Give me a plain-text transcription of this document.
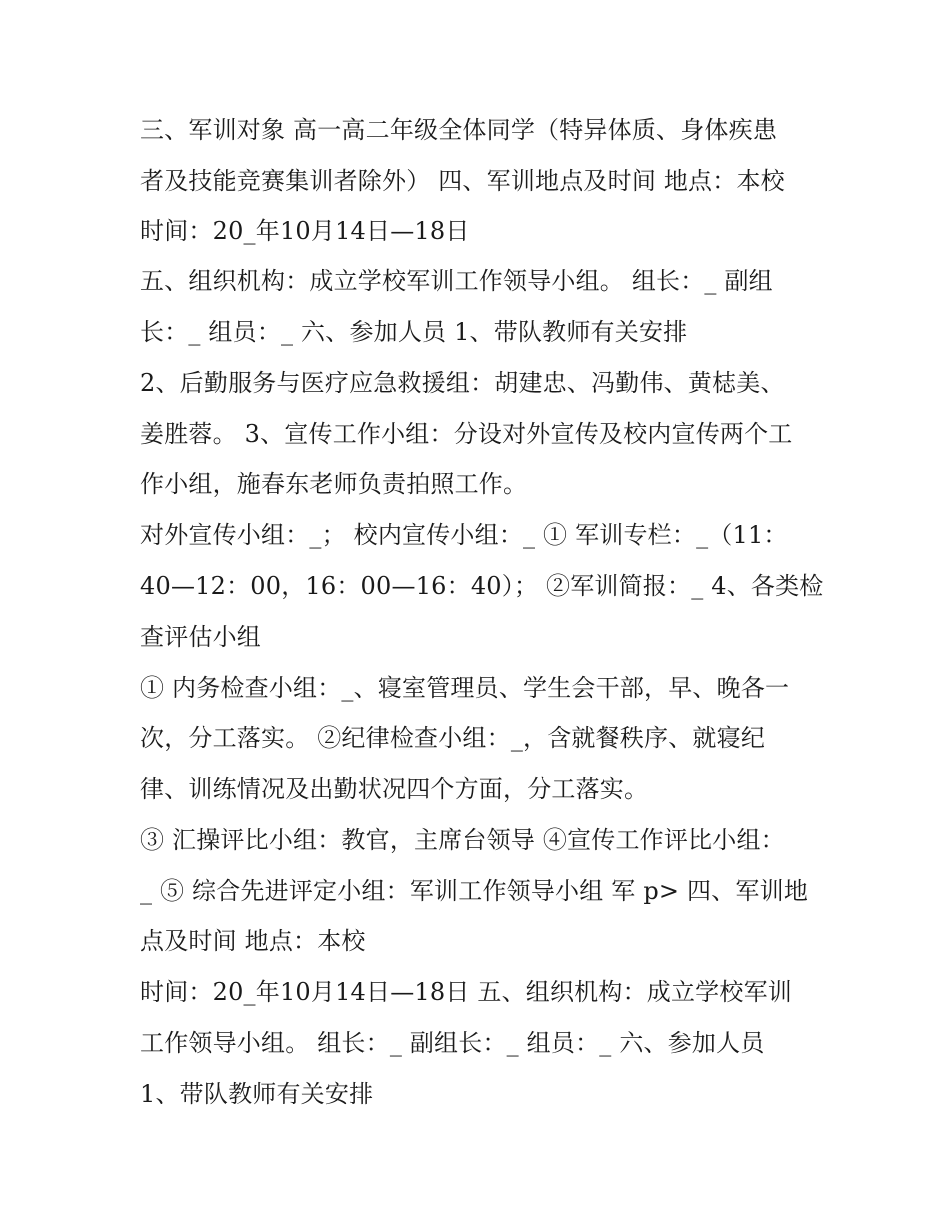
三、军训对象 高一高二年级全体同学（特异体质、身体疾患
者及技能竞赛集训者除外） 四、军训地点及时间 地点：本校
时间：20_年10月14日—18日
五、组织机构：成立学校军训工作领导小组。 组长：_ 副组
长：_ 组员：_ 六、参加人员 1、带队教师有关安排
2、后勤服务与医疗应急救援组：胡建忠、冯勤伟、黄梽美、
姜胜蓉。 3、宣传工作小组：分设对外宣传及校内宣传两个工
作小组，施春东老师负责拍照工作。
对外宣传小组：_； 校内宣传小组：_ ① 军训专栏：_（11：
40—12：00，16：00—16：40）； ②军训简报：_ 4、各类检
查评估小组
① 内务检查小组：_、寝室管理员、学生会干部，早、晚各一
次，分工落实。 ②纪律检查小组：_，含就餐秩序、就寝纪
律、训练情况及出勤状况四个方面，分工落实。
③ 汇操评比小组：教官，主席台领导 ④宣传工作评比小组：
_ ⑤ 综合先进评定小组：军训工作领导小组 军 p> 四、军训地
点及时间 地点：本校
时间：20_年10月14日—18日 五、组织机构：成立学校军训
工作领导小组。 组长：_ 副组长：_ 组员：_ 六、参加人员
1、带队教师有关安排
